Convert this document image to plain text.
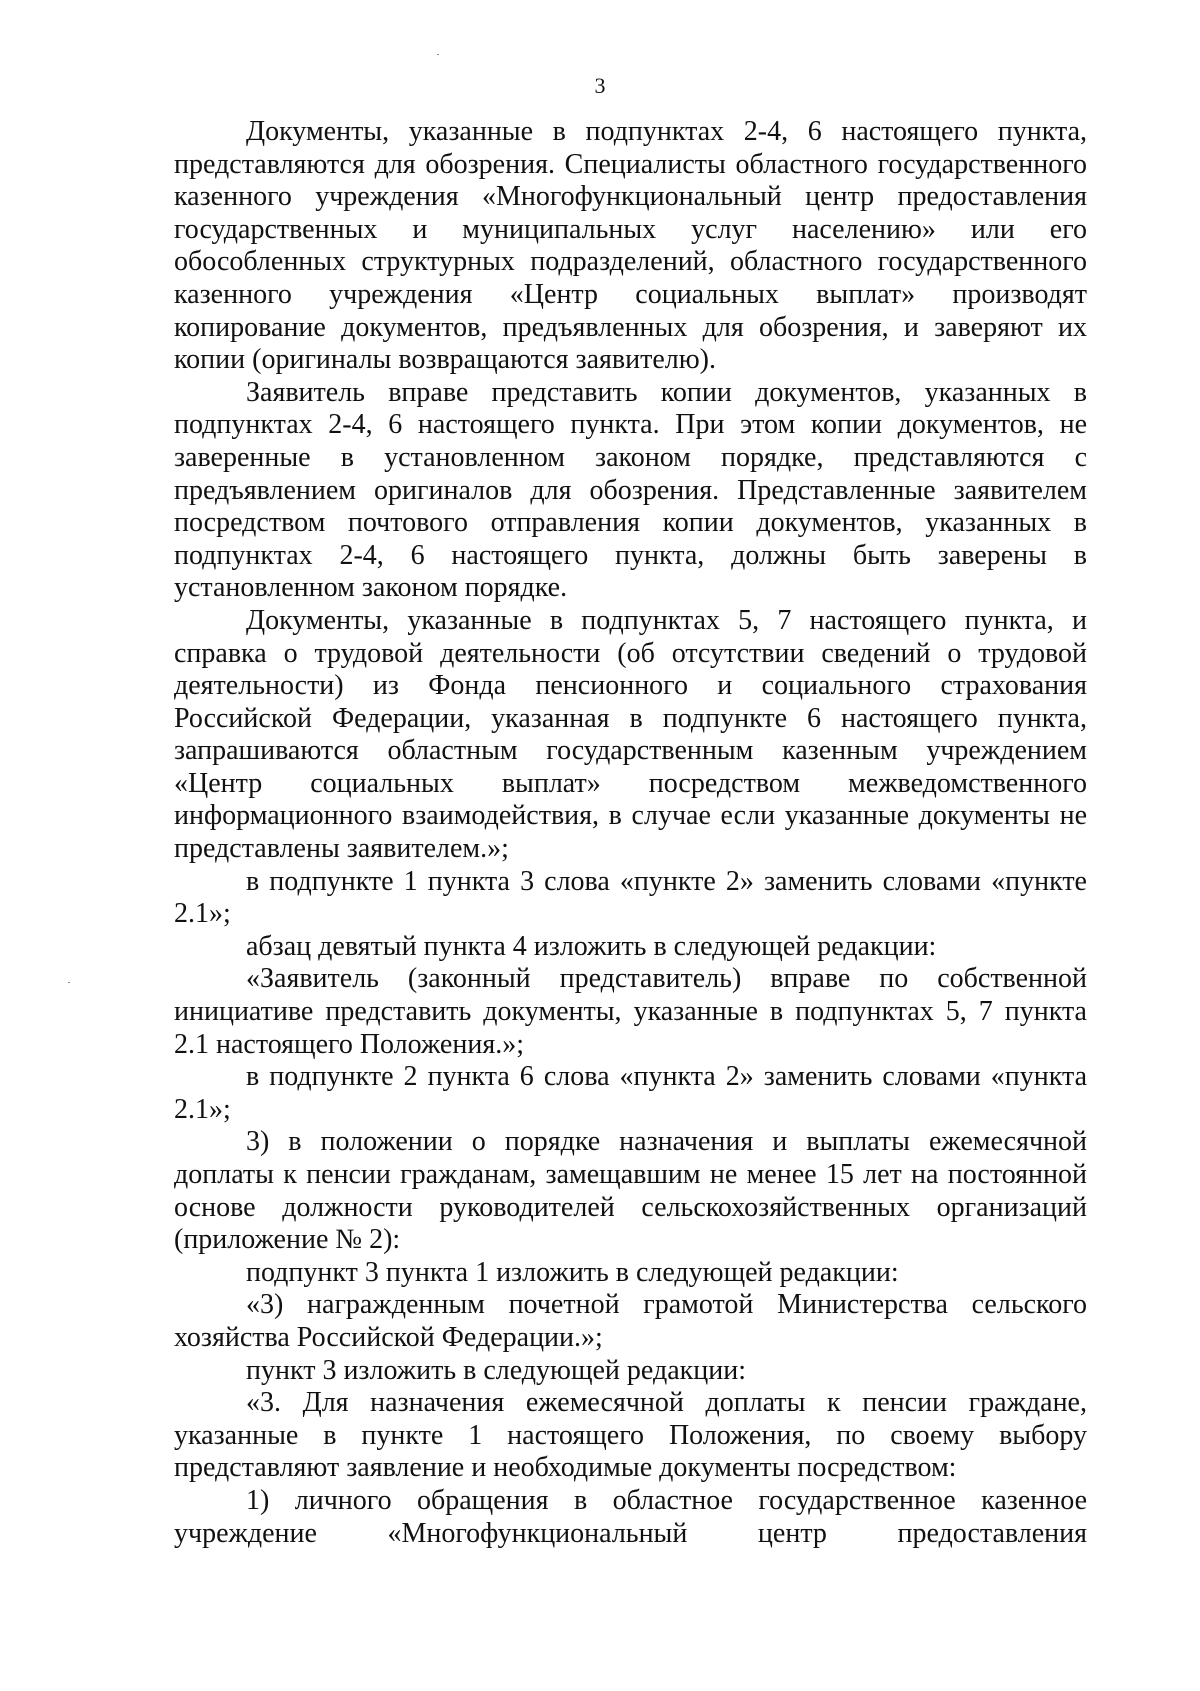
3

Документы, указанные в подпунктах 2-4, 6 настоящего пункта, представляются для обозрения. Специалисты областного государственного казенного учреждения «Многофункциональный центр предоставления государственных и муниципальных услуг населению» или его обособленных структурных подразделений, областного государственного казенного учреждения «Центр социальных выплат» производят копирование документов, предъявленных для обозрения, и заверяют их копии (оригиналы возвращаются заявителю).

Заявитель вправе представить копии документов, указанных в подпунктах 2-4, 6 настоящего пункта. При этом копии документов, не заверенные в установленном законом порядке, представляются с предъявлением оригиналов для обозрения. Представленные заявителем посредством почтового отправления копии документов, указанных в подпунктах 2-4, 6 настоящего пункта, должны быть заверены в установленном законом порядке.

Документы, указанные в подпунктах 5, 7 настоящего пункта, и справка о трудовой деятельности (об отсутствии сведений о трудовой деятельности) из Фонда пенсионного и социального страхования Российской Федерации, указанная в подпункте 6 настоящего пункта, запрашиваются областным государственным казенным учреждением «Центр социальных выплат» посредством межведомственного информационного взаимодействия, в случае если указанные документы не представлены заявителем.»;

в подпункте 1 пункта 3 слова «пункте 2» заменить словами «пункте 2.1»;

абзац девятый пункта 4 изложить в следующей редакции:

«Заявитель (законный представитель) вправе по собственной инициативе представить документы, указанные в подпунктах 5, 7 пункта 2.1 настоящего Положения.»;

в подпункте 2 пункта 6 слова «пункта 2» заменить словами «пункта 2.1»;

3) в положении о порядке назначения и выплаты ежемесячной доплаты к пенсии гражданам, замещавшим не менее 15 лет на постоянной основе должности руководителей сельскохозяйственных организаций (приложение № 2):

подпункт 3 пункта 1 изложить в следующей редакции:

«3) награжденным почетной грамотой Министерства сельского хозяйства Российской Федерации.»;

пункт 3 изложить в следующей редакции:

«3. Для назначения ежемесячной доплаты к пенсии граждане, указанные в пункте 1 настоящего Положения, по своему выбору представляют заявление и необходимые документы посредством:

1) личного обращения в областное государственное казенное учреждение «Многофункциональный центр предоставления
